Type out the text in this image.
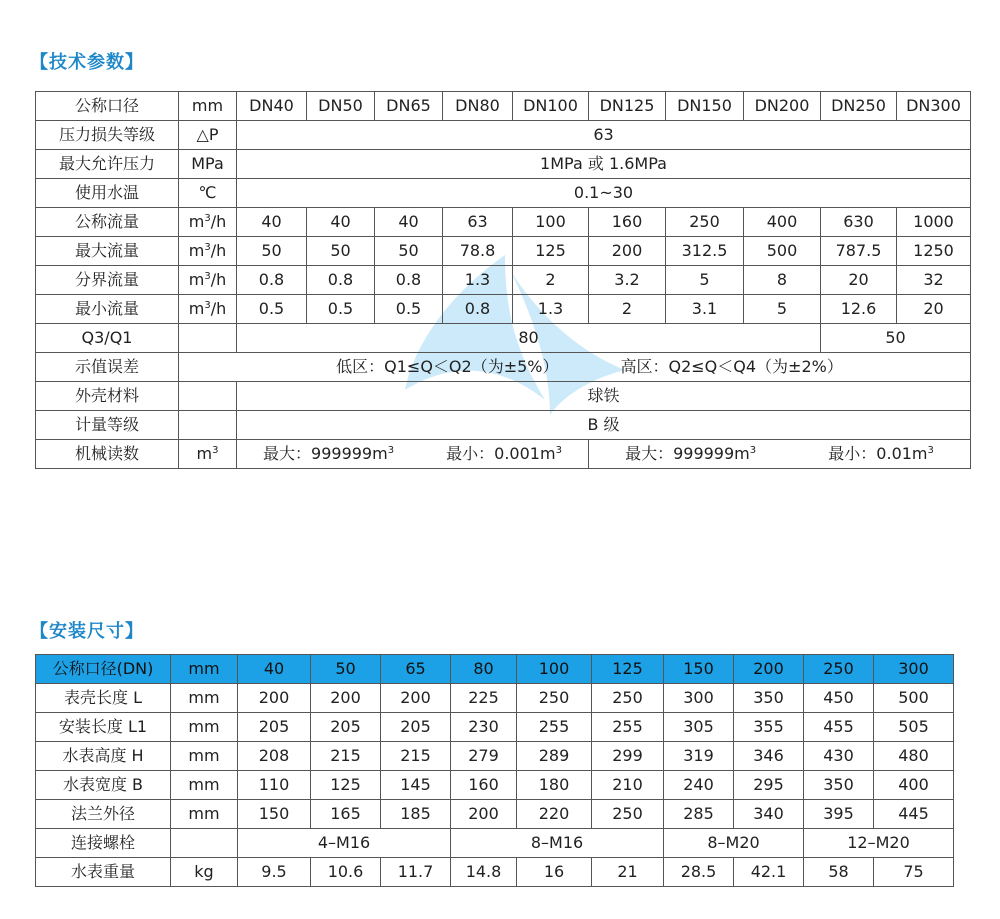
【技术参数】
公称口径	mm	DN40	DN50	DN65	DN80	DN100	DN125	DN150	DN200	DN250	DN300
压力损失等级	△P	63									
最大允许压力	MPa	1MPa 或 1.6MPa									
使用水温	℃	0.1~30									
公称流量	$m^3/h$	40	40	40	63	100	160	250	400	630	1000
最大流量	$m^3/h$	50	50	50	78.8	125	200	312.5	500	787.5	1250
分界流量	$m^3/h$	0.8	0.8	0.8	1.3	2	3.2	5	8	20	32
最小流量	$m^3/h$	0.5	0.5	0.5	0.8	1.3	2	3.1	5	12.6	20
Q3/Q1		80								50	
示值误差	低区：Q1≤Q＜Q2（为±5%） 高区：Q2≤Q＜Q4（为±2%）										

外壳材料		球铁									
计量等级		B 级									
机械读数	$m^3$	最大：$999999m^3$ 最小：$0.001m^3$					最大：$999999m^3$ 最小：$0.01m^3$
【安装尺寸】
公称口径(DN)	mm	40	50	65	80	100	125	150	200	250	300
表壳长度 L	mm	200	200	200	225	250	250	300	350	450	500
安装长度 L1	mm	205	205	205	230	255	255	305	355	455	505
水表高度 H	mm	208	215	215	279	289	299	319	346	430	480
水表宽度 B	mm	110	125	145	160	180	210	240	295	350	400
法兰外径	mm	150	165	185	200	220	250	285	340	395	445
连接螺栓		4–M16			8–M16			8–M20		12–M20	
水表重量	kg	9.5	10.6	11.7	14.8	16	21	28.5	42.1	58	75
